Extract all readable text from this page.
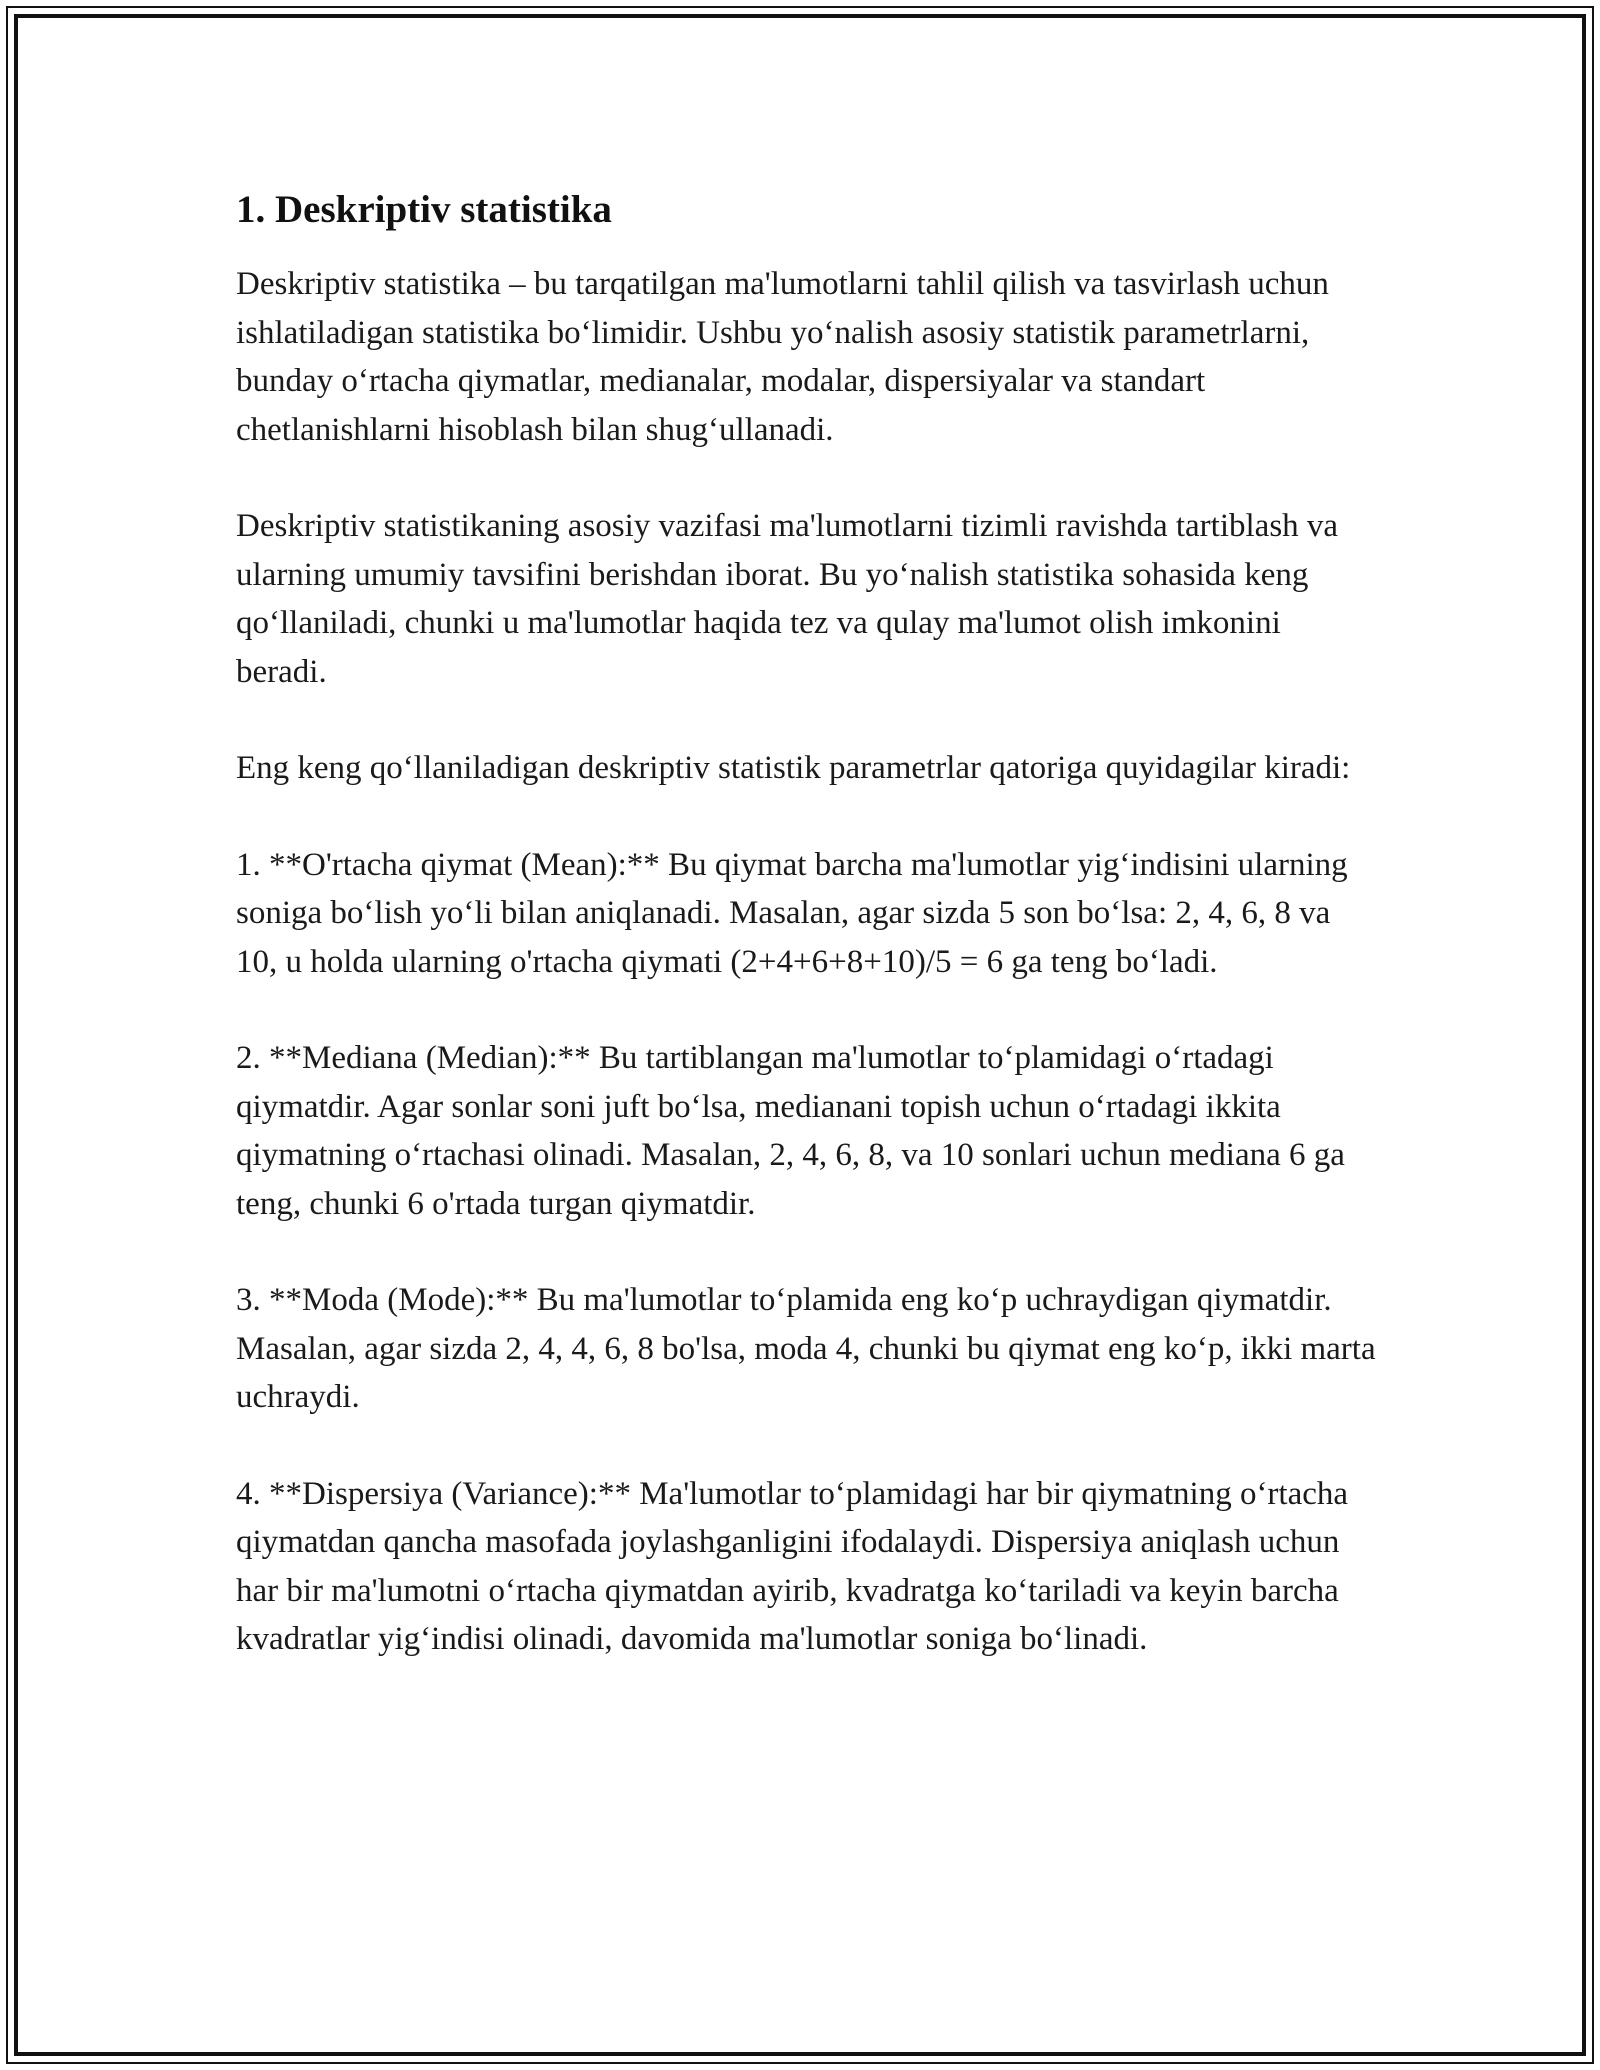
1. Deskriptiv statistika

Deskriptiv statistika – bu tarqatilgan ma'lumotlarni tahlil qilish va tasvirlash uchun ishlatiladigan statistika bo‘limidir. Ushbu yo‘nalish asosiy statistik parametrlarni, bunday o‘rtacha qiymatlar, medianalar, modalar, dispersiyalar va standart chetlanishlarni hisoblash bilan shug‘ullanadi.

Deskriptiv statistikaning asosiy vazifasi ma'lumotlarni tizimli ravishda tartiblash va ularning umumiy tavsifini berishdan iborat. Bu yo‘nalish statistika sohasida keng qo‘llaniladi, chunki u ma'lumotlar haqida tez va qulay ma'lumot olish imkonini beradi.

Eng keng qo‘llaniladigan deskriptiv statistik parametrlar qatoriga quyidagilar kiradi:

1. **O'rtacha qiymat (Mean):** Bu qiymat barcha ma'lumotlar yig‘indisini ularning soniga bo‘lish yo‘li bilan aniqlanadi. Masalan, agar sizda 5 son bo‘lsa: 2, 4, 6, 8 va 10, u holda ularning o'rtacha qiymati (2+4+6+8+10)/5 = 6 ga teng bo‘ladi.

2. **Mediana (Median):** Bu tartiblangan ma'lumotlar to‘plamidagi o‘rtadagi qiymatdir. Agar sonlar soni juft bo‘lsa, medianani topish uchun o‘rtadagi ikkita qiymatning o‘rtachasi olinadi. Masalan, 2, 4, 6, 8, va 10 sonlari uchun mediana 6 ga teng, chunki 6 o'rtada turgan qiymatdir.

3. **Moda (Mode):** Bu ma'lumotlar to‘plamida eng ko‘p uchraydigan qiymatdir. Masalan, agar sizda 2, 4, 4, 6, 8 bo'lsa, moda 4, chunki bu qiymat eng ko‘p, ikki marta uchraydi.

4. **Dispersiya (Variance):** Ma'lumotlar to‘plamidagi har bir qiymatning o‘rtacha qiymatdan qancha masofada joylashganligini ifodalaydi. Dispersiya aniqlash uchun har bir ma'lumotni o‘rtacha qiymatdan ayirib, kvadratga ko‘tariladi va keyin barcha kvadratlar yig‘indisi olinadi, davomida ma'lumotlar soniga bo‘linadi.
